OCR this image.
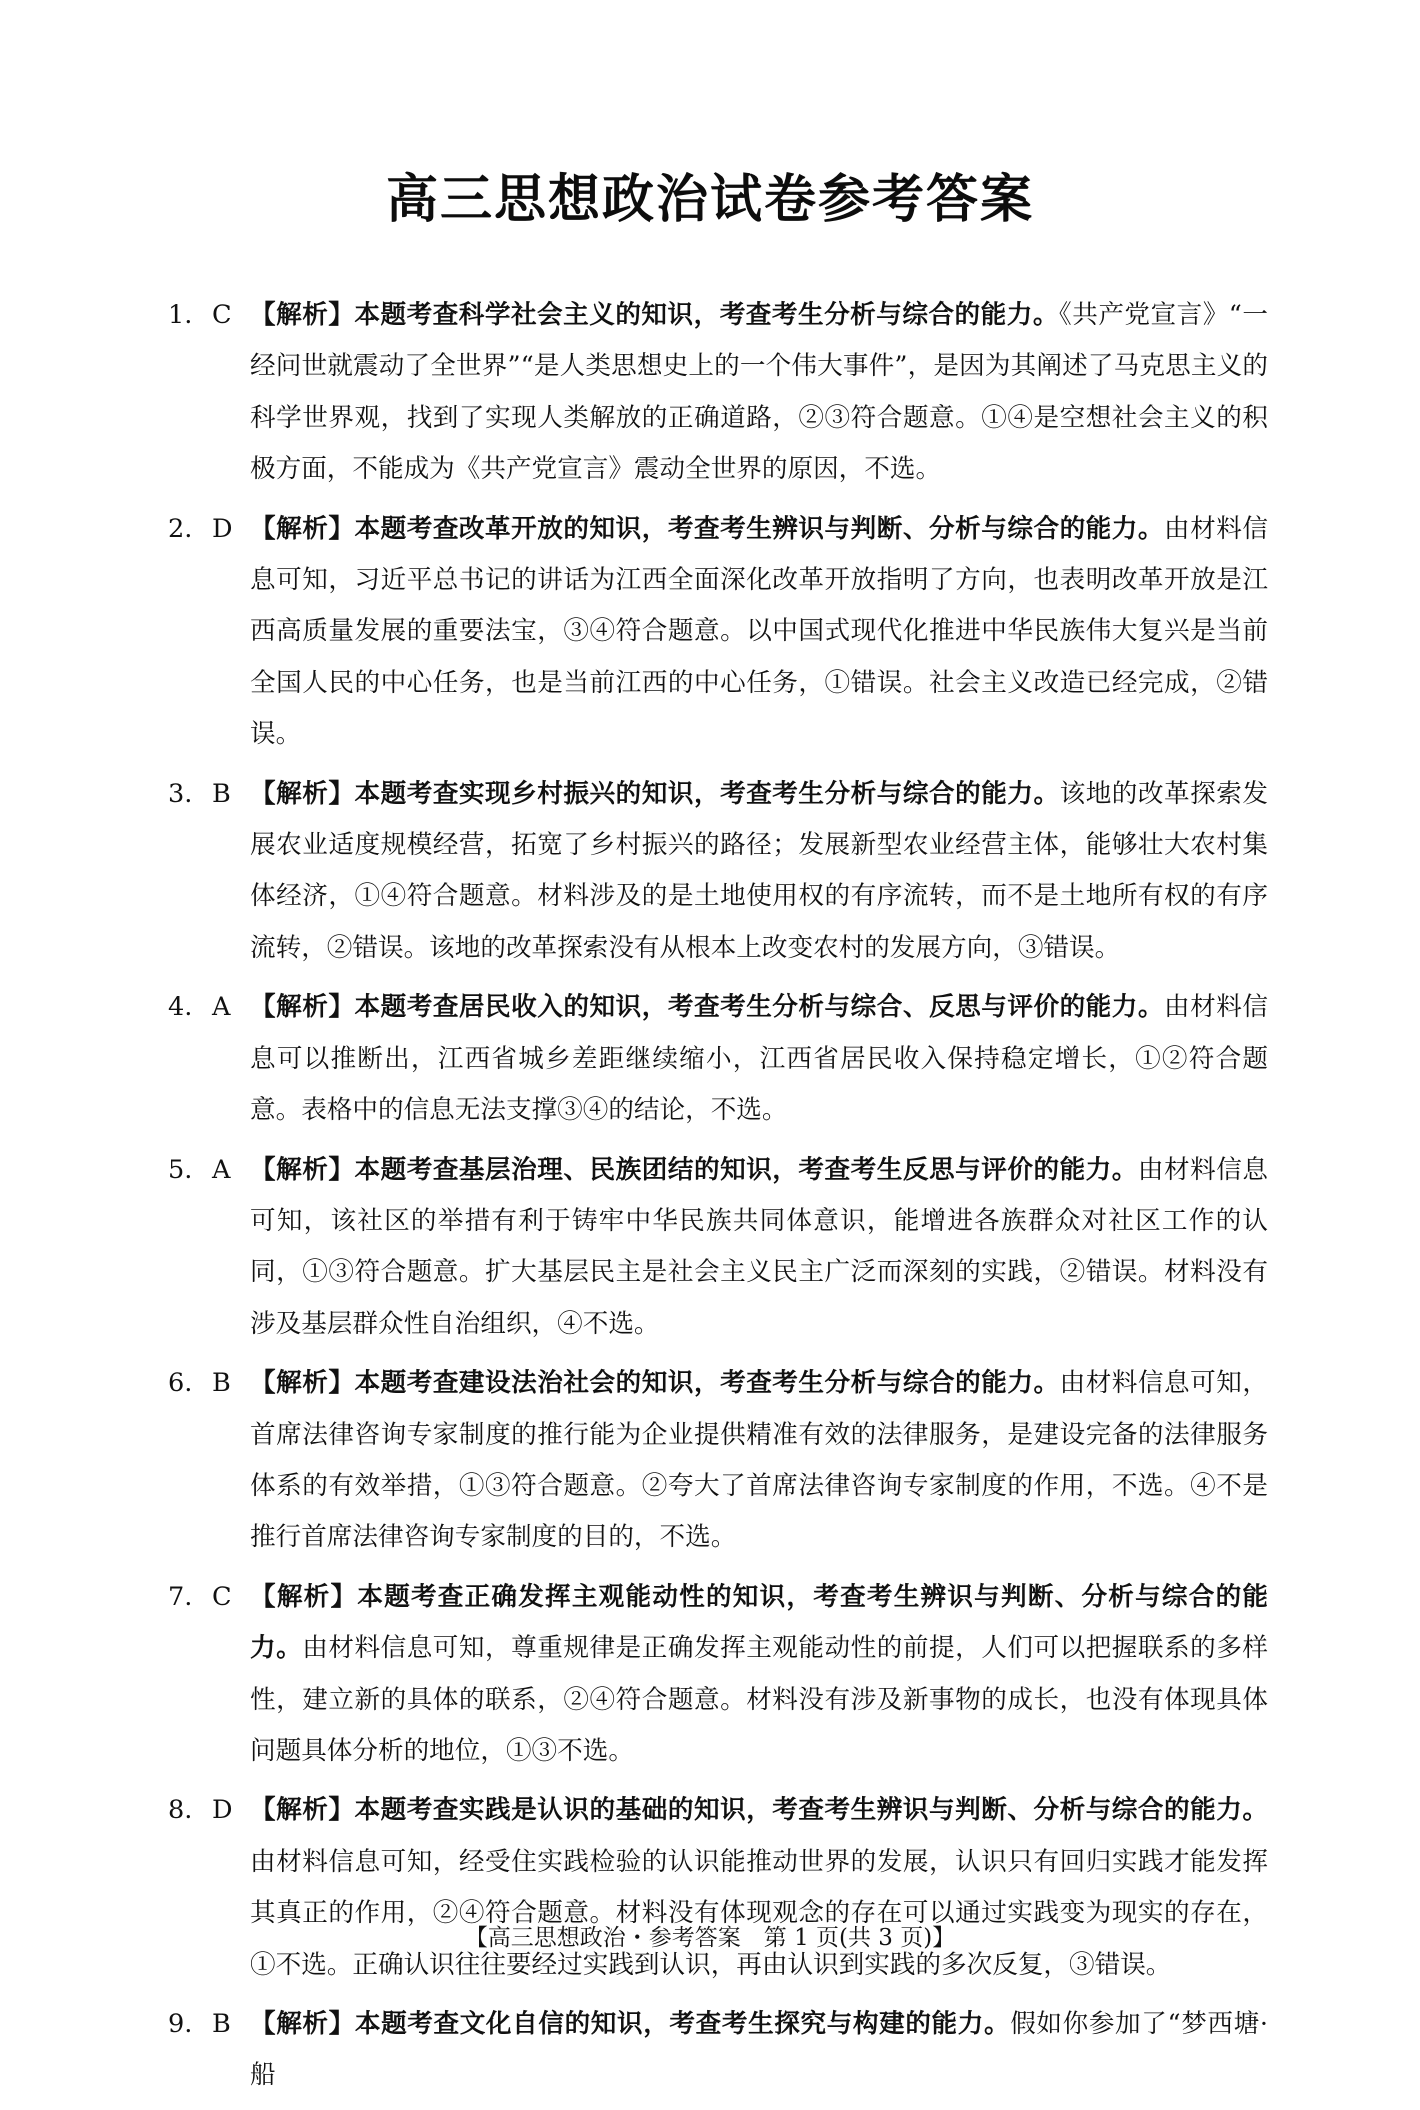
高三思想政治试卷参考答案
1. C 【解析】本题考查科学社会主义的知识，考查考生分析与综合的能力。《共产党宣言》“一经问世就震动了全世界”“是人类思想史上的一个伟大事件”，是因为其阐述了马克思主义的科学世界观，找到了实现人类解放的正确道路，②③符合题意。①④是空想社会主义的积极方面，不能成为《共产党宣言》震动全世界的原因，不选。
2. D 【解析】本题考查改革开放的知识，考查考生辨识与判断、分析与综合的能力。由材料信息可知，习近平总书记的讲话为江西全面深化改革开放指明了方向，也表明改革开放是江西高质量发展的重要法宝，③④符合题意。以中国式现代化推进中华民族伟大复兴是当前全国人民的中心任务，也是当前江西的中心任务，①错误。社会主义改造已经完成，②错误。
3. B 【解析】本题考查实现乡村振兴的知识，考查考生分析与综合的能力。该地的改革探索发展农业适度规模经营，拓宽了乡村振兴的路径；发展新型农业经营主体，能够壮大农村集体经济，①④符合题意。材料涉及的是土地使用权的有序流转，而不是土地所有权的有序流转，②错误。该地的改革探索没有从根本上改变农村的发展方向，③错误。
4. A 【解析】本题考查居民收入的知识，考查考生分析与综合、反思与评价的能力。由材料信息可以推断出，江西省城乡差距继续缩小，江西省居民收入保持稳定增长，①②符合题意。表格中的信息无法支撑③④的结论，不选。
5. A 【解析】本题考查基层治理、民族团结的知识，考查考生反思与评价的能力。由材料信息可知，该社区的举措有利于铸牢中华民族共同体意识，能增进各族群众对社区工作的认同，①③符合题意。扩大基层民主是社会主义民主广泛而深刻的实践，②错误。材料没有涉及基层群众性自治组织，④不选。
6. B 【解析】本题考查建设法治社会的知识，考查考生分析与综合的能力。由材料信息可知，首席法律咨询专家制度的推行能为企业提供精准有效的法律服务，是建设完备的法律服务体系的有效举措，①③符合题意。②夸大了首席法律咨询专家制度的作用，不选。④不是推行首席法律咨询专家制度的目的，不选。
7. C 【解析】本题考查正确发挥主观能动性的知识，考查考生辨识与判断、分析与综合的能力。由材料信息可知，尊重规律是正确发挥主观能动性的前提，人们可以把握联系的多样性，建立新的具体的联系，②④符合题意。材料没有涉及新事物的成长，也没有体现具体问题具体分析的地位，①③不选。
8. D 【解析】本题考查实践是认识的基础的知识，考查考生辨识与判断、分析与综合的能力。由材料信息可知，经受住实践检验的认识能推动世界的发展，认识只有回归实践才能发挥其真正的作用，②④符合题意。材料没有体现观念的存在可以通过实践变为现实的存在，①不选。正确认识往往要经过实践到认识，再由认识到实践的多次反复，③错误。
9. B 【解析】本题考查文化自信的知识，考查考生探究与构建的能力。假如你参加了“梦西塘·船
【高三思想政治・参考答案　第 1 页(共 3 页)】
